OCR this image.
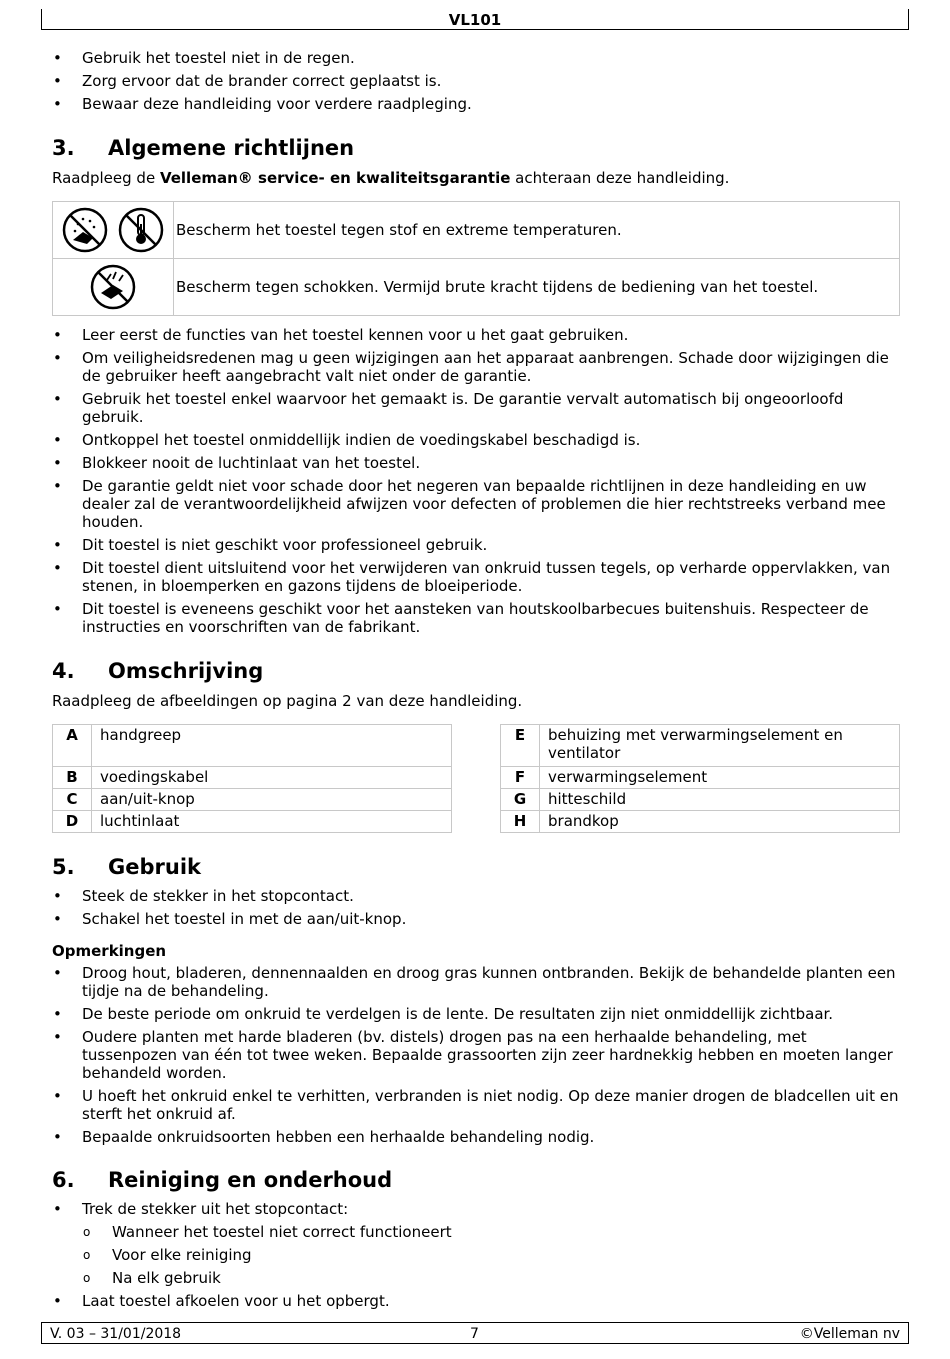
VL101
• Gebruik het toestel niet in de regen.
• Zorg ervoor dat de brander correct geplaatst is.
• Bewaar deze handleiding voor verdere raadpleging.
3.	Algemene richtlijnen

Raadpleeg de Velleman® service- en kwaliteitsgarantie achteraan deze handleiding.

	Bescherm het toestel tegen stof en extreme temperaturen.
	Bescherm tegen schokken. Vermijd brute kracht tijdens de bediening van het toestel.
• Leer eerst de functies van het toestel kennen voor u het gaat gebruiken.
• Om veiligheidsredenen mag u geen wijzigingen aan het apparaat aanbrengen. Schade door wijzigingen die de gebruiker heeft aangebracht valt niet onder de garantie.
• Gebruik het toestel enkel waarvoor het gemaakt is. De garantie vervalt automatisch bij ongeoorloofd gebruik.
• Ontkoppel het toestel onmiddellijk indien de voedingskabel beschadigd is.
• Blokkeer nooit de luchtinlaat van het toestel.
• De garantie geldt niet voor schade door het negeren van bepaalde richtlijnen in deze handleiding en uw dealer zal de verantwoordelijkheid afwijzen voor defecten of problemen die hier rechtstreeks verband mee houden.
• Dit toestel is niet geschikt voor professioneel gebruik.
• Dit toestel dient uitsluitend voor het verwijderen van onkruid tussen tegels, op verharde oppervlakken, van stenen, in bloemperken en gazons tijdens de bloeiperiode.
• Dit toestel is eveneens geschikt voor het aansteken van houtskoolbarbecues buitenshuis. Respecteer de instructies en voorschriften van de fabrikant.
4.	Omschrijving

Raadpleeg de afbeeldingen op pagina 2 van deze handleiding.

A	handgreep
B	voedingskabel
C	aan/uit-knop
D	luchtinlaat
E	behuizing met verwarmingselement en ventilator
F	verwarmingselement
G	hitteschild
H	brandkop
5.	Gebruik
• Steek de stekker in het stopcontact.
• Schakel het toestel in met de aan/uit-knop.
Opmerkingen
• Droog hout, bladeren, dennennaalden en droog gras kunnen ontbranden. Bekijk de behandelde planten een tijdje na de behandeling.
• De beste periode om onkruid te verdelgen is de lente. De resultaten zijn niet onmiddellijk zichtbaar.
• Oudere planten met harde bladeren (bv. distels) drogen pas na een herhaalde behandeling, met tussenpozen van één tot twee weken. Bepaalde grassoorten zijn zeer hardnekkig hebben en moeten langer behandeld worden.
• U hoeft het onkruid enkel te verhitten, verbranden is niet nodig. Op deze manier drogen de bladcellen uit en sterft het onkruid af.
• Bepaalde onkruidsoorten hebben een herhaalde behandeling nodig.
6.	Reiniging en onderhoud
• Trek de stekker uit het stopcontact:
o Wanneer het toestel niet correct functioneert
o Voor elke reiniging
o Na elk gebruik
• Laat toestel afkoelen voor u het opbergt.
V. 03 – 31/01/2018	7	©Velleman nv
